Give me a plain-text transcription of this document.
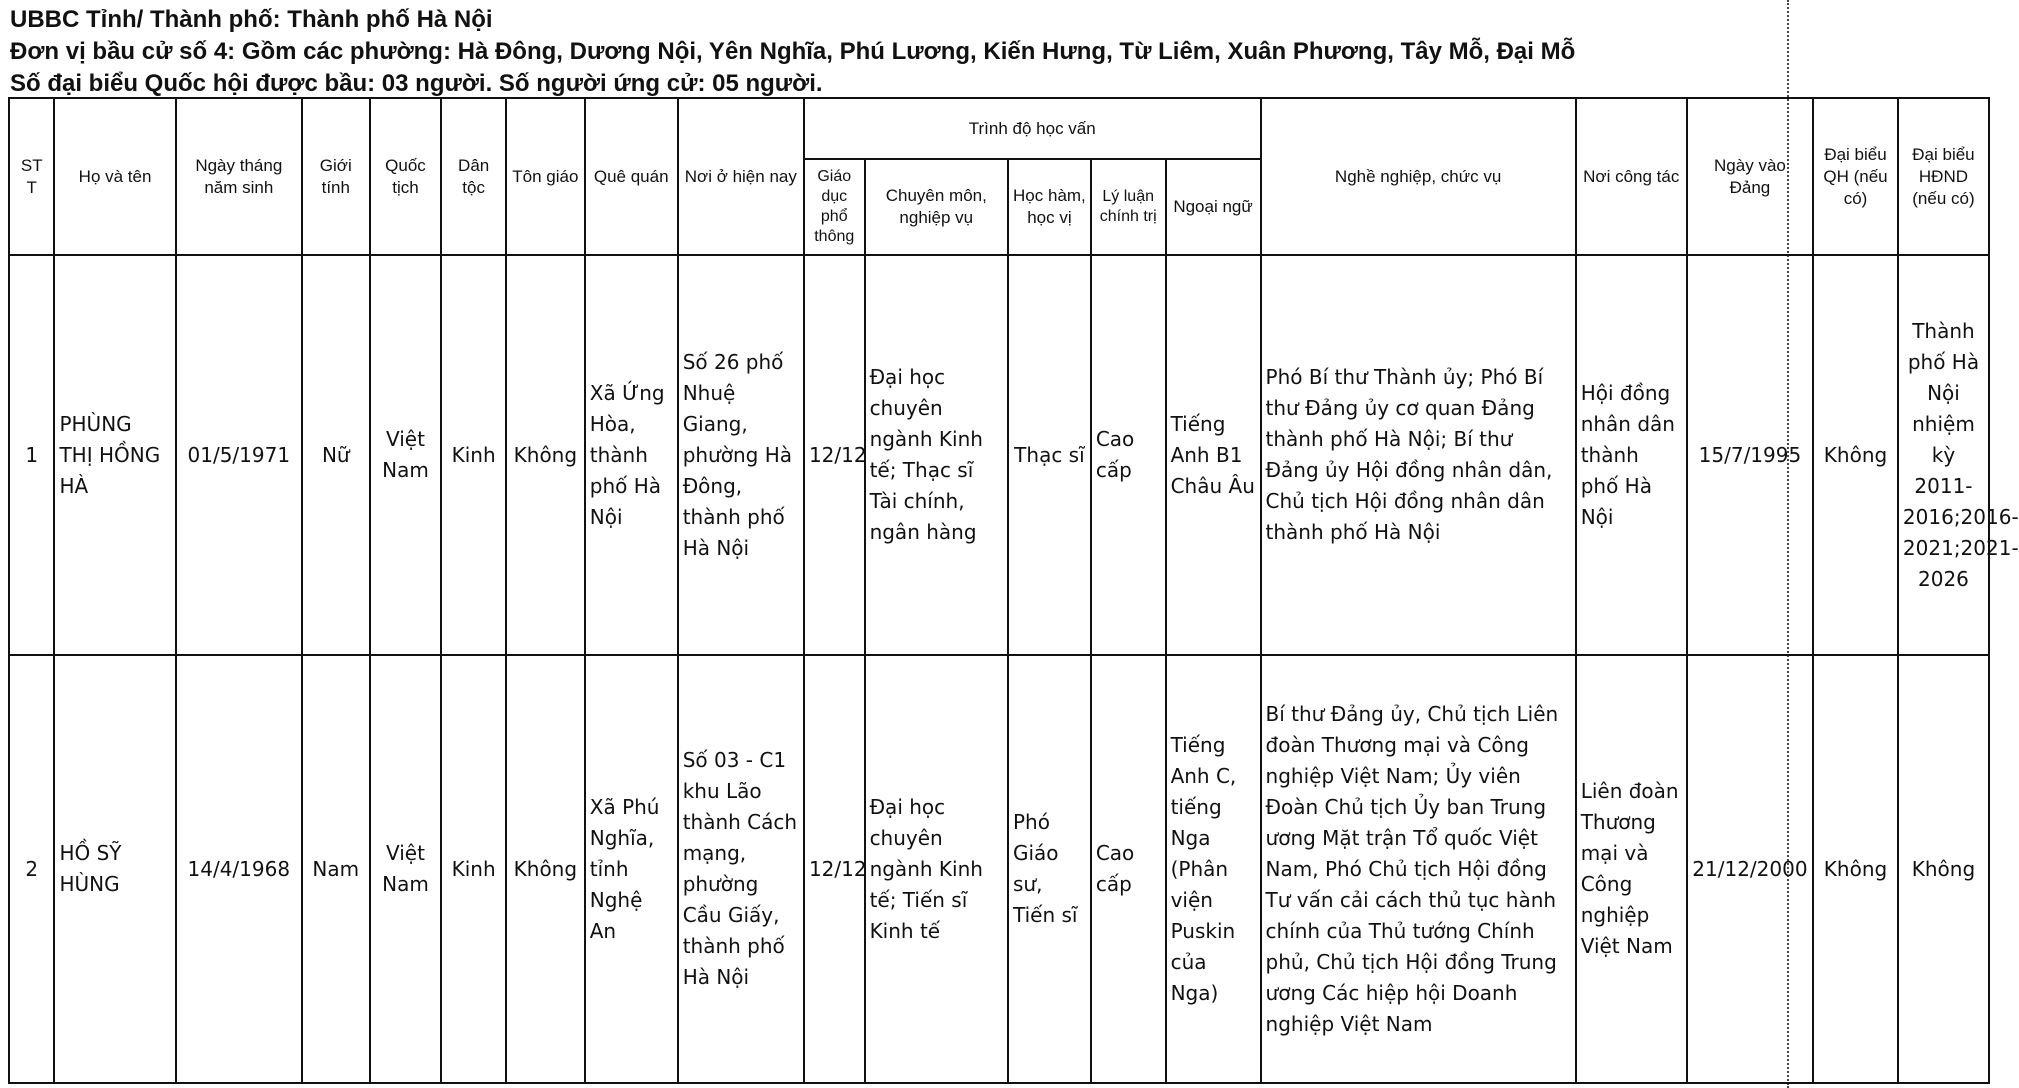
UBBC Tỉnh/ Thành phố: Thành phố Hà Nội
Đơn vị bầu cử số 4: Gồm các phường: Hà Đông, Dương Nội, Yên Nghĩa, Phú Lương, Kiến Hưng, Từ Liêm, Xuân Phương, Tây Mỗ, Đại Mỗ
Số đại biểu Quốc hội được bầu: 03 người. Số người ứng cử: 05 người.
ST T	Họ và tên	Ngày tháng năm sinh	Giới tính	Quốc tịch	Dân tộc	Tôn giáo	Quê quán	Nơi ở hiện nay	Trình độ học vấn					Nghề nghiệp, chức vụ	Nơi công tác	Ngày vào Đảng	Đại biểu QH (nếu có)	Đại biểu HĐND (nếu có)
									Giáo dục phổ thông	Chuyên môn, nghiệp vụ	Học hàm, học vị	Lý luận chính trị	Ngoại ngữ					
1	PHÙNG THỊ HỒNG HÀ	01/5/1971	Nữ	Việt Nam	Kinh	Không	Xã Ứng Hòa, thành phố Hà Nội	Số 26 phố Nhuệ Giang, phường Hà Đông, thành phố Hà Nội	12/12	Đại học chuyên ngành Kinh tế; Thạc sĩ Tài chính, ngân hàng	Thạc sĩ	Cao cấp	Tiếng Anh B1 Châu Âu	Phó Bí thư Thành ủy; Phó Bí thư Đảng ủy cơ quan Đảng thành phố Hà Nội; Bí thư Đảng ủy Hội đồng nhân dân, Chủ tịch Hội đồng nhân dân thành phố Hà Nội	Hội đồng nhân dân thành phố Hà Nội	15/7/1995	Không	Thành phố Hà Nội nhiệm kỳ 2011-2016;2016-2021;2021-2026
2	HỒ SỸ HÙNG	14/4/1968	Nam	Việt Nam	Kinh	Không	Xã Phú Nghĩa, tỉnh Nghệ An	Số 03 - C1 khu Lão thành Cách mạng, phường Cầu Giấy, thành phố Hà Nội	12/12	Đại học chuyên ngành Kinh tế; Tiến sĩ Kinh tế	Phó Giáo sư, Tiến sĩ	Cao cấp	Tiếng Anh C, tiếng Nga (Phân viện Puskin của Nga)	Bí thư Đảng ủy, Chủ tịch Liên đoàn Thương mại và Công nghiệp Việt Nam; Ủy viên Đoàn Chủ tịch Ủy ban Trung ương Mặt trận Tổ quốc Việt Nam, Phó Chủ tịch Hội đồng Tư vấn cải cách thủ tục hành chính của Thủ tướng Chính phủ, Chủ tịch Hội đồng Trung ương Các hiệp hội Doanh nghiệp Việt Nam	Liên đoàn Thương mại và Công nghiệp Việt Nam	21/12/2000	Không	Không
